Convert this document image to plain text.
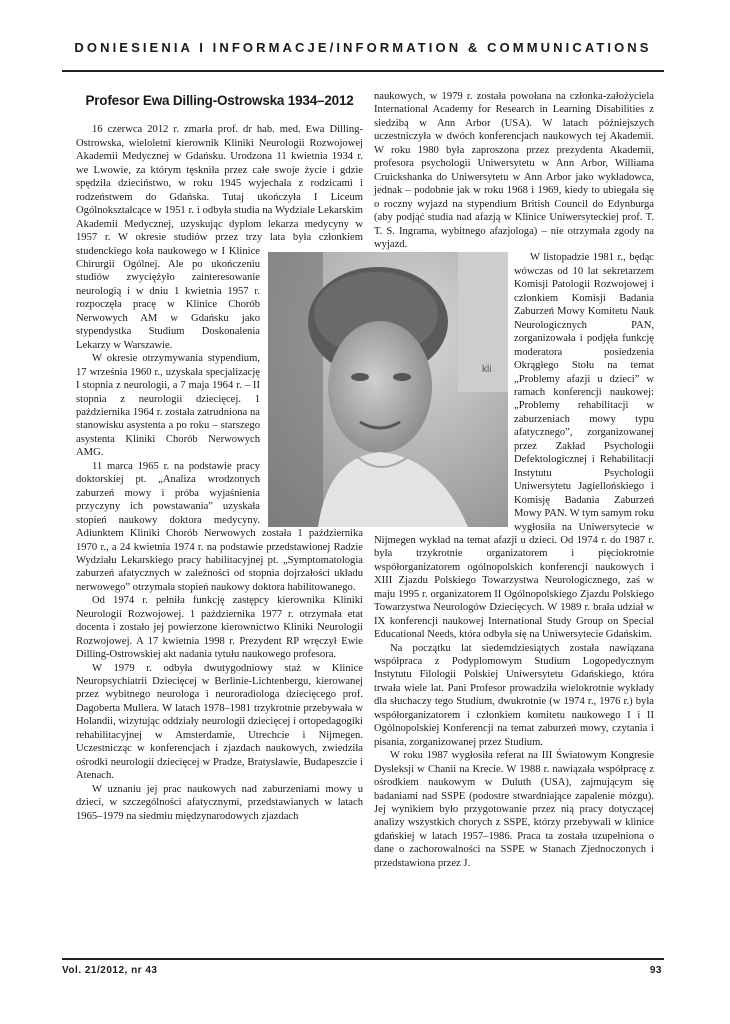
DONIESIENIA I INFORMACJE/INFORMATION & COMMUNICATIONS
kli
Profesor Ewa Dilling-Ostrowska 1934–2012

16 czerwca 2012 r. zmarła prof. dr hab. med. Ewa Dilling-Ostrowska, wieloletni kierownik Kliniki Neurologii Rozwojowej Akademii Medycznej w Gdańsku. Urodzona 11 kwietnia 1934 r. we Lwowie, za którym tęskniła przez całe swoje życie i gdzie spędziła dzieciństwo, w roku 1945 wyjechała z rodzicami i rodzeństwem do Gdańska. Tutaj ukończyła I Liceum Ogólnokształcące w 1951 r. i odbyła studia na Wydziale Lekarskim Akademii Medycznej, uzyskując dyplom lekarza medycyny w 1957 r. W okresie studiów przez trzy lata była członkiem studenckiego koła naukowego w I Klinice Chirurgii Ogólnej. Ale po ukończeniu studiów zwyciężyło zainteresowanie neurologią i w dniu 1 kwietnia 1957 r. rozpoczęła pracę w Klinice Chorób Nerwowych AM w Gdańsku jako stypendystka Studium Doskonalenia Lekarzy w Warszawie.

W okresie otrzymywania stypendium, 17 września 1960 r., uzyskała specjalizację I stopnia z neurologii, a 7 maja 1964 r. – II stopnia z neurologii dziecięcej. 1 października 1964 r. została zatrudniona na stanowisku asystenta a po roku – starszego asystenta Kliniki Chorób Nerwowych AMG.

11 marca 1965 r. na podstawie pracy doktorskiej pt. „Analiza wrodzonych zaburzeń mowy i próba wyjaśnienia przyczyny ich powstawania” uzyskała stopień naukowy doktora medycyny. Adiunktem Kliniki Chorób Nerwowych została 1 października 1970 r., a 24 kwietnia 1974 r. na podstawie przedstawionej Radzie Wydziału Lekarskiego pracy habilitacyjnej pt. „Symptomatologia zaburzeń afatycznych w zależności od stopnia dojrzałości układu nerwowego” otrzymała stopień naukowy doktora habilitowanego.

Od 1974 r. pełniła funkcję zastępcy kierownika Kliniki Neurologii Rozwojowej. 1 października 1977 r. otrzymała etat docenta i zostało jej powierzone kierownictwo Kliniki Neurologii Rozwojowej. A 17 kwietnia 1998 r. Prezydent RP wręczył Ewie Dilling-Ostrowskiej akt nadania tytułu naukowego profesora.

W 1979 r. odbyła dwutygodniowy staż w Klinice Neuropsychiatrii Dziecięcej w Berlinie-Lichtenbergu, kierowanej przez wybitnego neurologa i neuroradiologa dziecięcego prof. Dagoberta Mullera. W latach 1978–1981 trzykrotnie przebywała w Holandii, wizytując oddziały neurologii dziecięcej i ortopedagogiki rehabilitacyjnej w Amsterdamie, Utrechcie i Nijmegen. Uczestnicząc w konferencjach i zjazdach naukowych, zwiedziła ośrodki neurologii dziecięcej w Pradze, Bratysławie, Budapeszcie i Atenach.

W uznaniu jej prac naukowych nad zaburzeniami mowy u dzieci, w szczególności afatycznymi, przedstawianych w latach 1965–1979 na siedmiu międzynarodowych zjazdach

naukowych, w 1979 r. została powołana na członka-założyciela International Academy for Research in Learning Disabilities z siedzibą w Ann Arbor (USA). W latach późniejszych uczestniczyła w dwóch konferencjach naukowych tej Akademii. W roku 1980 była zaproszona przez prezydenta Akademii, profesora psychologii Uniwersytetu w Ann Arbor, Williama Cruickshanka do Uniwersytetu w Ann Arbor jako wykładowca, jednak – podobnie jak w roku 1968 i 1969, kiedy to ubiegała się o roczny wyjazd na stypendium British Council do Edynburga (aby podjąć studia nad afazją w Klinice Uniwersyteckiej prof. T. T. S. Ingrama, wybitnego afazjologa) – nie otrzymała zgody na wyjazd.

W listopadzie 1981 r., będąc wówczas od 10 lat sekretarzem Komisji Patologii Rozwojowej i członkiem Komisji Badania Zaburzeń Mowy Komitetu Nauk Neurologicznych PAN, zorganizowała i podjęła funkcję moderatora posiedzenia Okrągłego Stołu na temat „Problemy afazji u dzieci” w ramach konferencji naukowej: „Problemy rehabilitacji w zaburzeniach mowy typu afatycznego”, zorganizowanej przez Zakład Psychologii Defektologicznej i Rehabilitacji Instytutu Psychologii Uniwersytetu Jagiellońskiego i Komisję Badania Zaburzeń Mowy PAN. W tym samym roku wygłosiła na Uniwersytecie w Nijmegen wykład na temat afazji u dzieci. Od 1974 r. do 1987 r. była trzykrotnie organizatorem i pięciokrotnie współorganizatorem ogólnopolskich konferencji naukowych i XIII Zjazdu Polskiego Towarzystwa Neurologicznego, zaś w maju 1995 r. organizatorem II Ogólnopolskiego Zjazdu Polskiego Towarzystwa Neurologów Dziecięcych. W 1989 r. brała udział w IX konferencji naukowej International Study Group on Special Educational Needs, która odbyła się na Uniwersytecie Gdańskim.

Na początku lat siedemdziesiątych została nawiązana współpraca z Podyplomowym Studium Logopedycznym Instytutu Filologii Polskiej Uniwersytetu Gdańskiego, która trwała wiele lat. Pani Profesor prowadziła wielokrotnie wykłady dla słuchaczy tego Studium, dwukrotnie (w 1974 r., 1976 r.) była współorganizatorem i członkiem komitetu naukowego I i II Ogólnopolskiej Konferencji na temat zaburzeń mowy, czytania i pisania, zorganizowanej przez Studium.

W roku 1987 wygłosiła referat na III Światowym Kongresie Dysleksji w Chanii na Krecie. W 1988 r. nawiązała współpracę z ośrodkiem naukowym w Duluth (USA), zajmującym się badaniami nad SSPE (podostre stwardniające zapalenie mózgu). Jej wynikiem było przygotowanie przez nią pracy dotyczącej analizy wszystkich chorych z SSPE, którzy przebywali w klinice gdańskiej w latach 1957–1986. Praca ta została uzupełniona o dane o zachorowalności na SSPE w Stanach Zjednoczonych i przedstawiona przez J.

Vol. 21/2012, nr 43	93
